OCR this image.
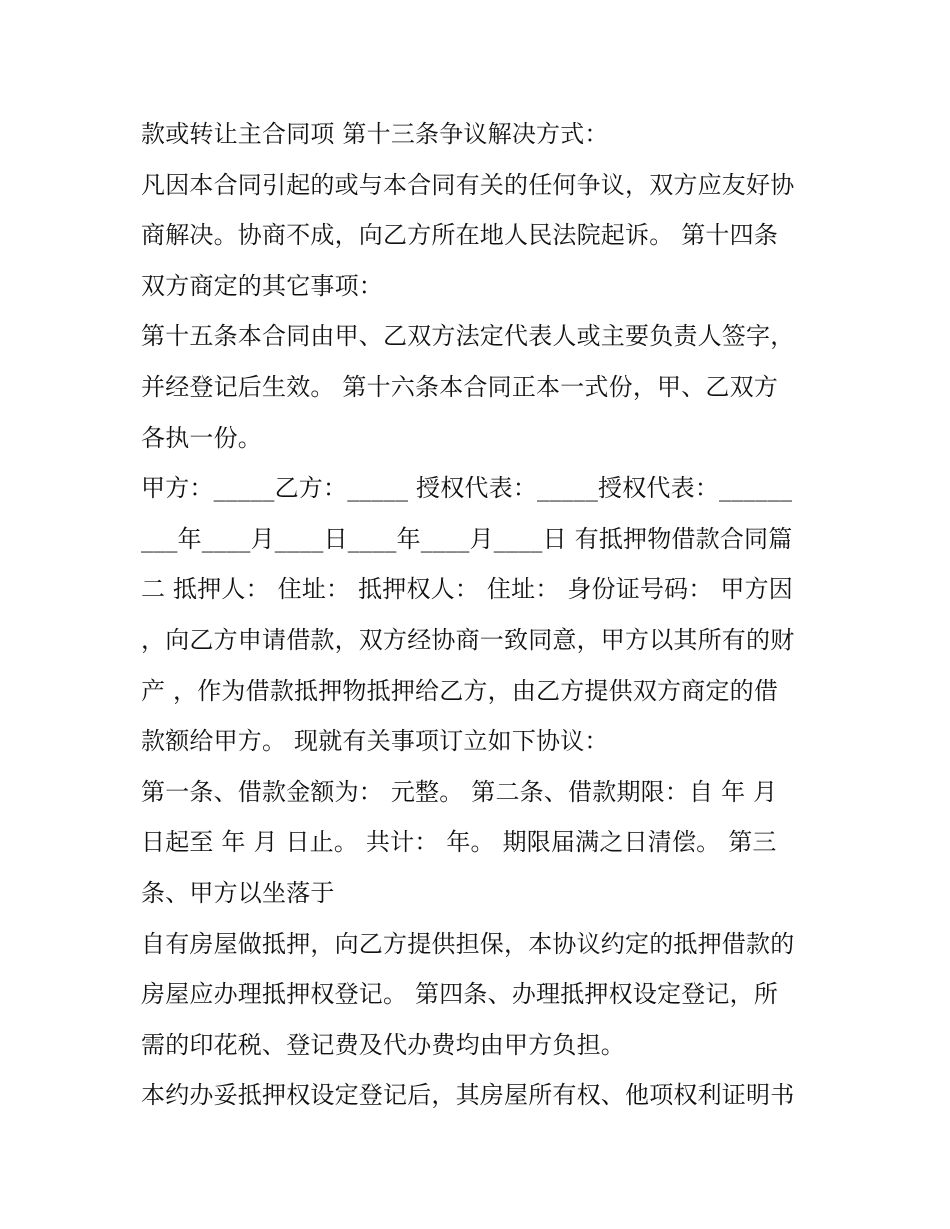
款或转让主合同项 第十三条争议解决方式：
凡因本合同引起的或与本合同有关的任何争议，双方应友好协
商解决。协商不成，向乙方所在地人民法院起诉。 第十四条
双方商定的其它事项：
第十五条本合同由甲、乙双方法定代表人或主要负责人签字，
并经登记后生效。 第十六条本合同正本一式份，甲、乙双方
各执一份。
甲方：_____乙方：_____ 授权代表：_____授权代表：______
___年____月____日____年____月____日 有抵押物借款合同篇
二 抵押人： 住址： 抵押权人： 住址： 身份证号码： 甲方因
，向乙方申请借款，双方经协商一致同意，甲方以其所有的财
产 ，作为借款抵押物抵押给乙方，由乙方提供双方商定的借
款额给甲方。 现就有关事项订立如下协议：
第一条、借款金额为： 元整。 第二条、借款期限：自 年 月
日起至 年 月 日止。 共计： 年。 期限届满之日清偿。 第三
条、甲方以坐落于
自有房屋做抵押，向乙方提供担保，本协议约定的抵押借款的
房屋应办理抵押权登记。 第四条、办理抵押权设定登记，所
需的印花税、登记费及代办费均由甲方负担。
本约办妥抵押权设定登记后，其房屋所有权、他项权利证明书
